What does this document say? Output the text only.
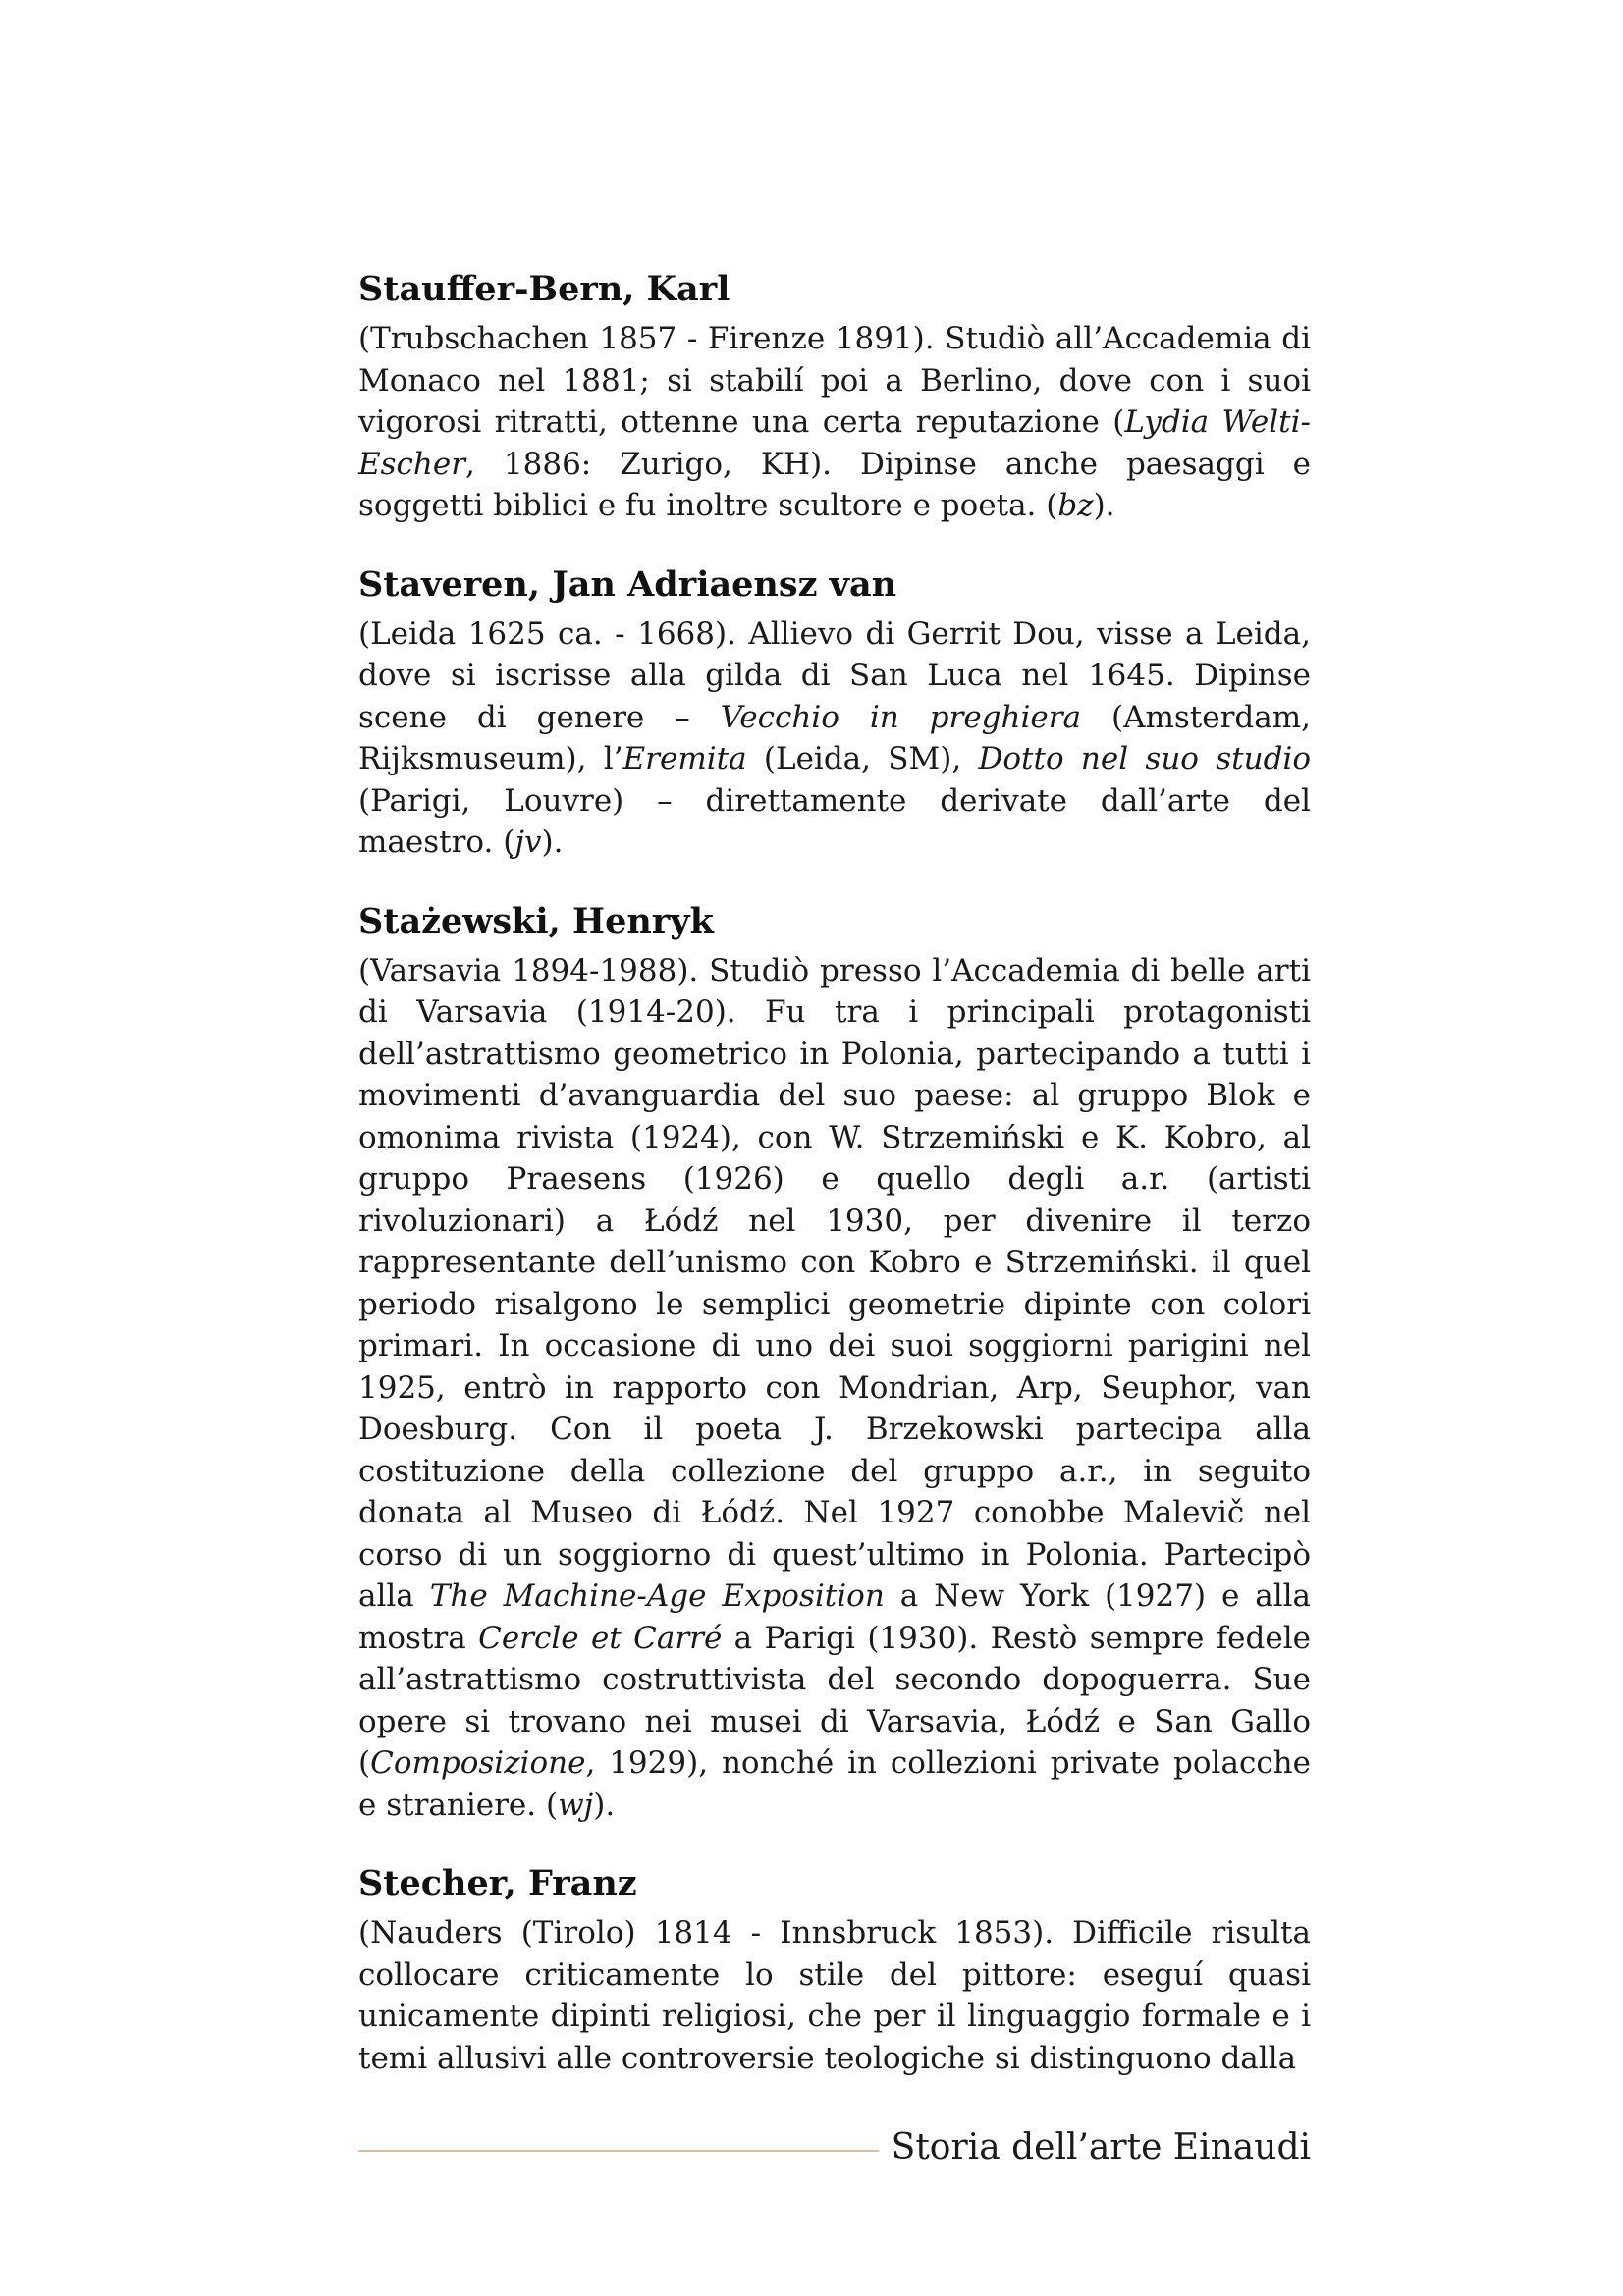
Stauffer-Bern, Karl

(Trubschachen 1857 - Firenze 1891). Studiò all’Accademia di Monaco nel 1881; si stabilí poi a Berlino, dove con i suoi vigorosi ritratti, ottenne una certa reputazione (Lydia Welti-Escher, 1886: Zurigo, KH). Dipinse anche paesaggi e soggetti biblici e fu inoltre scultore e poeta. (bz).

Staveren, Jan Adriaensz van

(Leida 1625 ca. - 1668). Allievo di Gerrit Dou, visse a Leida, dove si iscrisse alla gilda di San Luca nel 1645. Dipinse scene di genere – Vecchio in preghiera (Amsterdam, Rijksmuseum), l’Eremita (Leida, SM), Dotto nel suo studio (Parigi, Louvre) – direttamente derivate dall’arte del maestro. (jv).

Stażewski, Henryk

(Varsavia 1894-1988). Studiò presso l’Accademia di belle arti di Varsavia (1914-20). Fu tra i principali protagonisti dell’astrattismo geometrico in Polonia, partecipando a tutti i movimenti d’avanguardia del suo paese: al gruppo Blok e omonima rivista (1924), con W. Strzemiński e K. Kobro, al gruppo Praesens (1926) e quello degli a.r. (artisti rivoluzionari) a Łódź nel 1930, per divenire il terzo rappresentante dell’unismo con Kobro e Strzemiński. il quel periodo risalgono le semplici geometrie dipinte con colori primari. In occasione di uno dei suoi soggiorni parigini nel 1925, entrò in rapporto con Mondrian, Arp, Seuphor, van Doesburg. Con il poeta J. Brzekowski partecipa alla costituzione della collezione del gruppo a.r., in seguito donata al Museo di Łódź. Nel 1927 conobbe Malevič nel corso di un soggiorno di quest’ultimo in Polonia. Partecipò alla The Machine-Age Exposition a New York (1927) e alla mostra Cercle et Carré a Parigi (1930). Restò sempre fedele all’astrattismo costruttivista del secondo dopoguerra. Sue opere si trovano nei musei di Varsavia, Łódź e San Gallo (Composizione, 1929), nonché in collezioni private polacche e straniere. (wj).

Stecher, Franz

(Nauders (Tirolo) 1814 - Innsbruck 1853). Difficile risulta collocare criticamente lo stile del pittore: eseguí quasi unicamente dipinti religiosi, che per il linguaggio formale e i temi allusivi alle controversie teologiche si distinguono dalla

Storia dell’arte Einaudi
